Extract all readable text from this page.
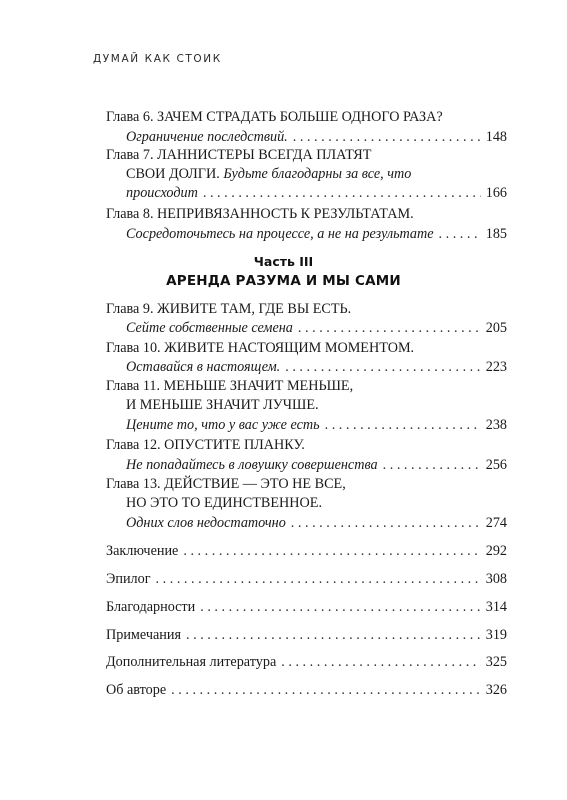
ДУМАЙ КАК СТОИК
Глава 6. ЗАЧЕМ СТРАДАТЬ БОЛЬШЕ ОДНОГО РАЗА?
Ограничение последствий. . . .	148
Глава 7. ЛАННИСТЕРЫ ВСЕГДА ПЛАТЯТ
СВОИ ДОЛГИ. Будьте благодарны за все, что
происходит . . .	166
Глава 8. НЕПРИВЯЗАННОСТЬ К РЕЗУЛЬТАТАМ.
Сосредоточьтесь на процессе, а не на результате . . .	185
Глава 9. ЖИВИТЕ ТАМ, ГДЕ ВЫ ЕСТЬ.
Сейте собственные семена . . .	205
Глава 10. ЖИВИТЕ НАСТОЯЩИМ МОМЕНТОМ.
Оставайся в настоящем. . . .	223
Глава 11. МЕНЬШЕ ЗНАЧИТ МЕНЬШЕ,
И МЕНЬШЕ ЗНАЧИТ ЛУЧШЕ.
Цените то, что у вас уже есть . . .	238
Глава 12. ОПУСТИТЕ ПЛАНКУ.
Не попадайтесь в ловушку совершенства . . .	256
Глава 13. ДЕЙСТВИЕ — ЭТО НЕ ВСЕ,
НО ЭТО ТО ЕДИНСТВЕННОЕ.
Одних слов недостаточно . . .	274
Заключение . . .	292
Эпилог . . .	308
Благодарности . . .	314
Примечания . . .	319
Дополнительная литература . . .	325
Об авторе . . .	326
Часть III
АРЕНДА РАЗУМА И МЫ САМИ
